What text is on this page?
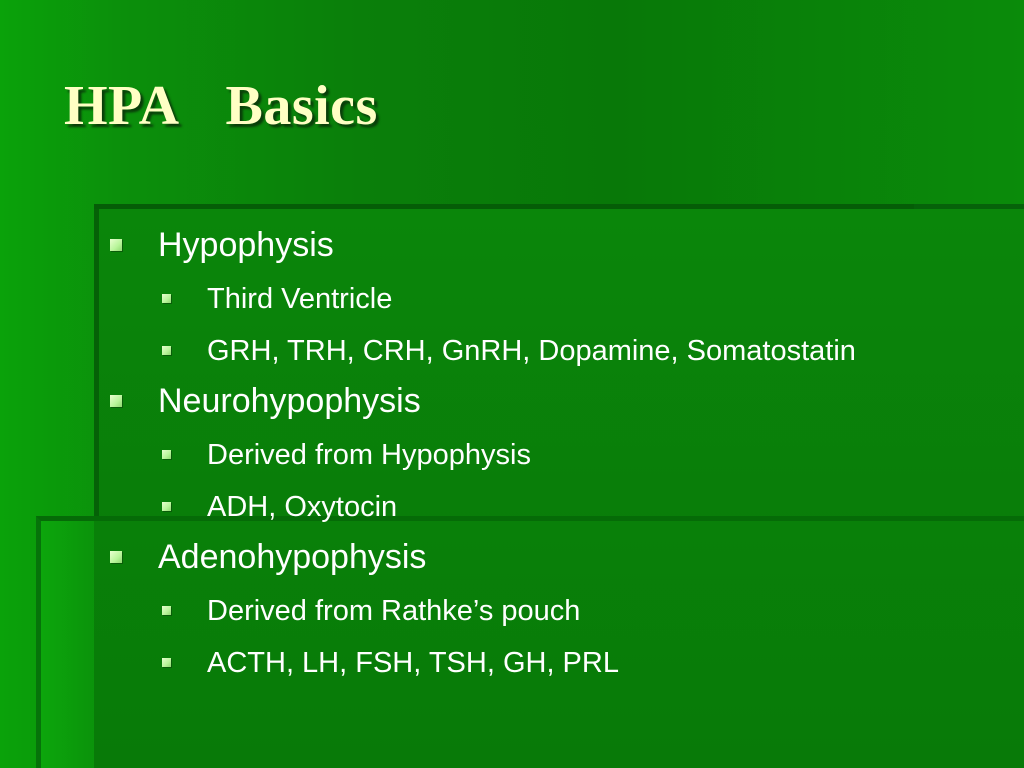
HPA  Basics
Hypophysis
Third Ventricle
GRH, TRH, CRH, GnRH, Dopamine, Somatostatin
Neurohypophysis
Derived from Hypophysis
ADH, Oxytocin
Adenohypophysis
Derived from Rathke’s pouch
ACTH, LH, FSH, TSH, GH, PRL
